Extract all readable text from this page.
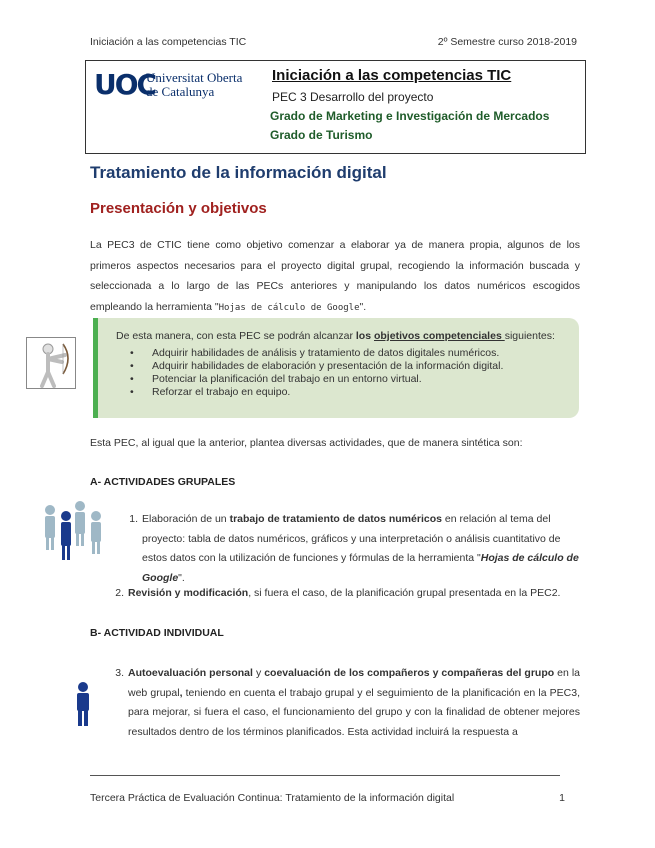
Iniciación a las competencias TIC	2º Semestre curso 2018-2019
UOC
Universitat Oberta
de Catalunya
Iniciación a las competencias TIC
PEC 3 Desarrollo del proyecto
Grado de Marketing e Investigación de Mercados
Grado de Turismo
Tratamiento de la información digital
Presentación y objetivos
La PEC3 de CTIC tiene como objetivo comenzar a elaborar ya de manera propia, algunos de los primeros aspectos necesarios para el proyecto digital grupal, recogiendo la información buscada y seleccionada a lo largo de las PECs anteriores y manipulando los datos numéricos escogidos empleando la herramienta "Hojas de cálculo de Google".
De esta manera, con esta PEC se podrán alcanzar los objetivos competenciales siguientes:
• Adquirir habilidades de análisis y tratamiento de datos digitales numéricos.
• Adquirir habilidades de elaboración y presentación de la información digital.
• Potenciar la planificación del trabajo en un entorno virtual.
• Reforzar el trabajo en equipo.
Esta PEC, al igual que la anterior, plantea diversas actividades, que de manera sintética son:
A- ACTIVIDADES GRUPALES
1. Elaboración de un trabajo de tratamiento de datos numéricos en relación al tema del proyecto: tabla de datos numéricos, gráficos y una interpretación o análisis cuantitativo de estos datos con la utilización de funciones y fórmulas de la herramienta "Hojas de cálculo de Google".
2. Revisión y modificación, si fuera el caso, de la planificación grupal presentada en la PEC2.
B- ACTIVIDAD INDIVIDUAL
3. Autoevaluación personal y coevaluación de los compañeros y compañeras del grupo en la web grupal, teniendo en cuenta el trabajo grupal y el seguimiento de la planificación en la PEC3, para mejorar, si fuera el caso, el funcionamiento del grupo y con la finalidad de obtener mejores resultados dentro de los términos planificados. Esta actividad incluirá la respuesta a
Tercera Práctica de Evaluación Continua: Tratamiento de la información digital	1
